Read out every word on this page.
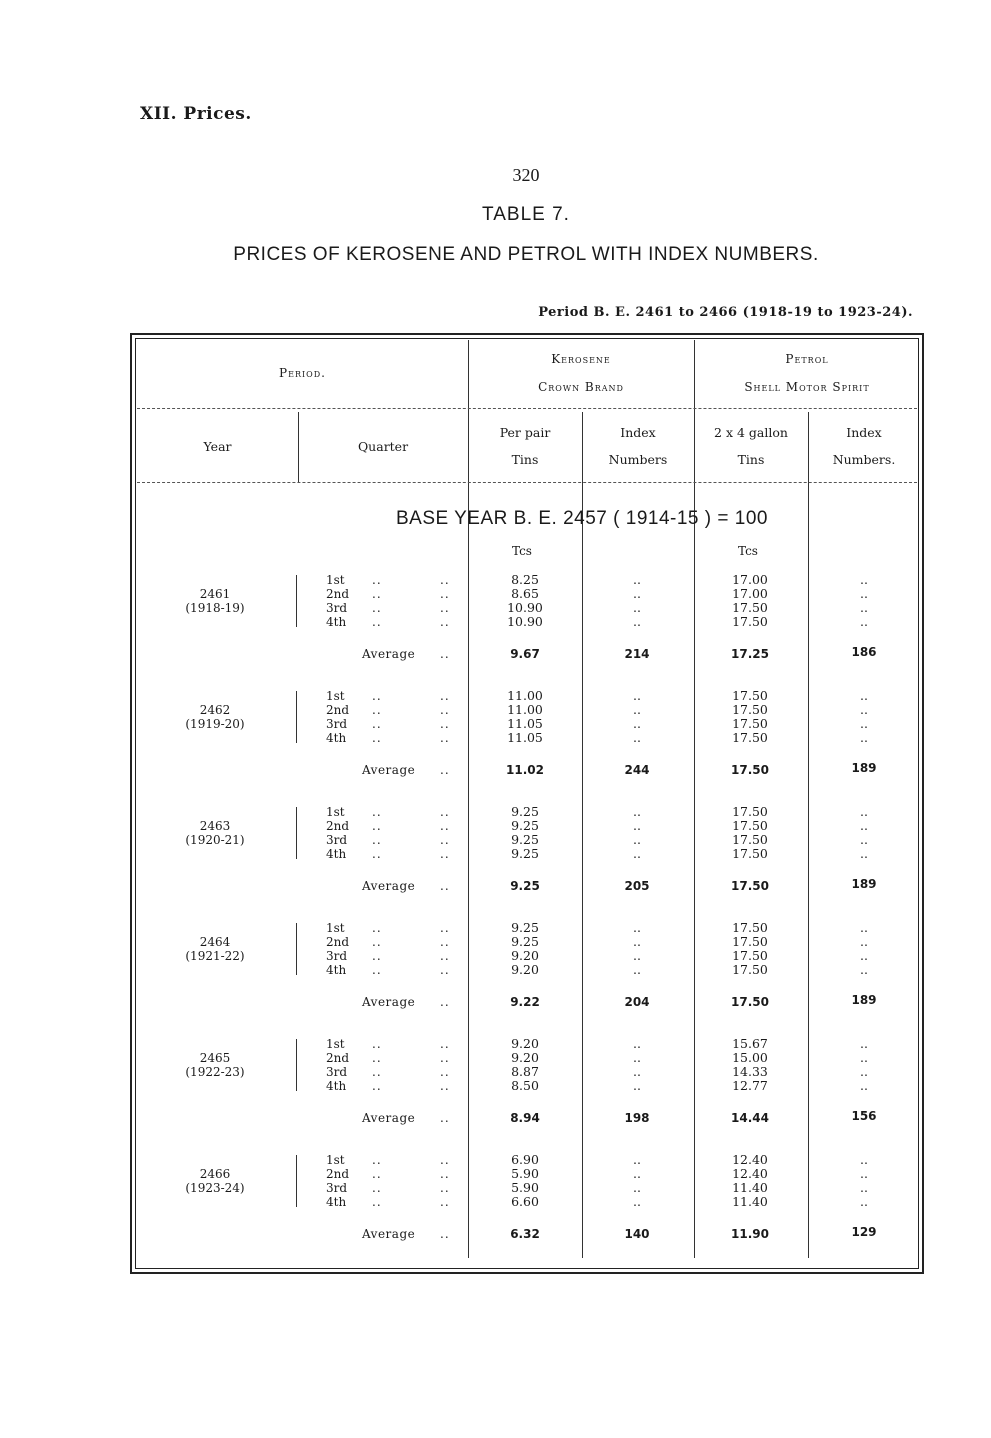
XII. Prices.
320
TABLE 7.
PRICES OF KEROSENE AND PETROL WITH INDEX NUMBERS.
Period B. E. 2461 to 2466 (1918-19 to 1923-24).
Period.
Kerosene
Crown Brand
Petrol
Shell Motor Spirit
Year	Quarter
Per pair
Tins
Index
Numbers
2 x 4 gallon
Tins
Index
Numbers.
BASE YEAR B. E. 2457 ( 1914-15 ) = 100
Tcs	Tcs
2461
(1918-19)
1st ..	..	8.25	..	17.00	..
2nd ..	..	8.65	..	17.00	..
3rd ..	..	10.90	..	17.50	..
4th ..	..	10.90	..	17.50	..
Average ..	9.67	214	17.25	186
2462
(1919-20)
1st ..	..	11.00	..	17.50	..
2nd ..	..	11.00	..	17.50	..
3rd ..	..	11.05	..	17.50	..
4th ..	..	11.05	..	17.50	..
Average ..	11.02	244	17.50	189
2463
(1920-21)
1st ..	..	9.25	..	17.50	..
2nd ..	..	9.25	..	17.50	..
3rd ..	..	9.25	..	17.50	..
4th ..	..	9.25	..	17.50	..
Average ..	9.25	205	17.50	189
2464
(1921-22)
1st ..	..	9.25	..	17.50	..
2nd ..	..	9.25	..	17.50	..
3rd ..	..	9.20	..	17.50	..
4th ..	..	9.20	..	17.50	..
Average ..	9.22	204	17.50	189
2465
(1922-23)
1st ..	..	9.20	..	15.67	..
2nd ..	..	9.20	..	15.00	..
3rd ..	..	8.87	..	14.33	..
4th ..	..	8.50	..	12.77	..
Average ..	8.94	198	14.44	156
2466
(1923-24)
1st ..	..	6.90	..	12.40	..
2nd ..	..	5.90	..	12.40	..
3rd ..	..	5.90	..	11.40	..
4th ..	..	6.60	..	11.40	..
Average ..	6.32	140	11.90	129
